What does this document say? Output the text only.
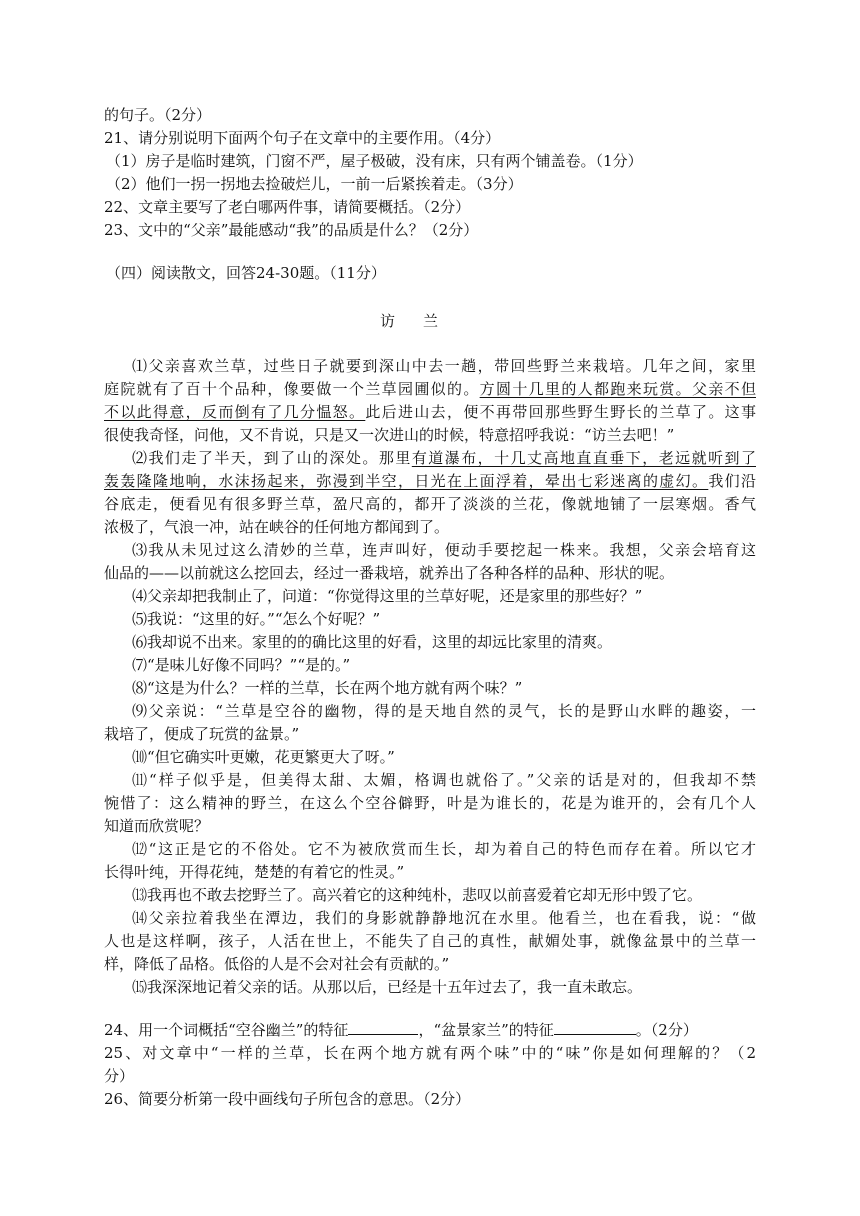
的句子。（2分）
21、请分别说明下面两个句子在文章中的主要作用。（4分）
（1）房子是临时建筑，门窗不严，屋子极破，没有床，只有两个铺盖卷。（1分）
（2）他们一拐一拐地去捡破烂儿，一前一后紧挨着走。（3分）
22、文章主要写了老白哪两件事，请简要概括。（2分）
23、文中的“父亲”最能感动“我”的品质是什么？（2分）
（四）阅读散文，回答24-30题。（11分）
访兰
⑴父亲喜欢兰草，过些日子就要到深山中去一趟，带回些野兰来栽培。几年之间，家里
庭院就有了百十个品种，像要做一个兰草园圃似的。方圆十几里的人都跑来玩赏。父亲不但
不以此得意，反而倒有了几分愠怒。此后进山去，便不再带回那些野生野长的兰草了。这事
很使我奇怪，问他，又不肯说，只是又一次进山的时候，特意招呼我说：“访兰去吧！”
⑵我们走了半天，到了山的深处。那里有道瀑布，十几丈高地直直垂下，老远就听到了
轰轰隆隆地响，水沫扬起来，弥漫到半空，日光在上面浮着，晕出七彩迷离的虚幻。我们沿
谷底走，便看见有很多野兰草，盈尺高的，都开了淡淡的兰花，像就地铺了一层寒烟。香气
浓极了，气浪一冲，站在峡谷的任何地方都闻到了。
⑶我从未见过这么清妙的兰草，连声叫好，便动手要挖起一株来。我想，父亲会培育这
仙品的——以前就这么挖回去，经过一番栽培，就养出了各种各样的品种、形状的呢。
⑷父亲却把我制止了，问道：“你觉得这里的兰草好呢，还是家里的那些好？”
⑸我说：“这里的好。”“怎么个好呢？”
⑹我却说不出来。家里的的确比这里的好看，这里的却远比家里的清爽。
⑺“是味儿好像不同吗？”“是的。”
⑻“这是为什么？一样的兰草，长在两个地方就有两个味？”
⑼父亲说：“兰草是空谷的幽物，得的是天地自然的灵气，长的是野山水畔的趣姿，一
栽培了，便成了玩赏的盆景。”
⑽“但它确实叶更嫩，花更繁更大了呀。”
⑾“样子似乎是，但美得太甜、太媚，格调也就俗了。”父亲的话是对的，但我却不禁
惋惜了：这么精神的野兰，在这么个空谷僻野，叶是为谁长的，花是为谁开的，会有几个人
知道而欣赏呢？
⑿“这正是它的不俗处。它不为被欣赏而生长，却为着自己的特色而存在着。所以它才
长得叶纯，开得花纯，楚楚的有着它的性灵。”
⒀我再也不敢去挖野兰了。高兴着它的这种纯朴，悲叹以前喜爱着它却无形中毁了它。
⒁父亲拉着我坐在潭边，我们的身影就静静地沉在水里。他看兰，也在看我，说：“做
人也是这样啊，孩子，人活在世上，不能失了自己的真性，献媚处事，就像盆景中的兰草一
样，降低了品格。低俗的人是不会对社会有贡献的。”
⒂我深深地记着父亲的话。从那以后，已经是十五年过去了，我一直未敢忘。
24、用一个词概括“空谷幽兰”的特征	，“盆景家兰”的特征	。（2分）
25、对文章中“一样的兰草，长在两个地方就有两个味”中的“味”你是如何理解的？（2
分）
26、简要分析第一段中画线句子所包含的意思。（2分）
